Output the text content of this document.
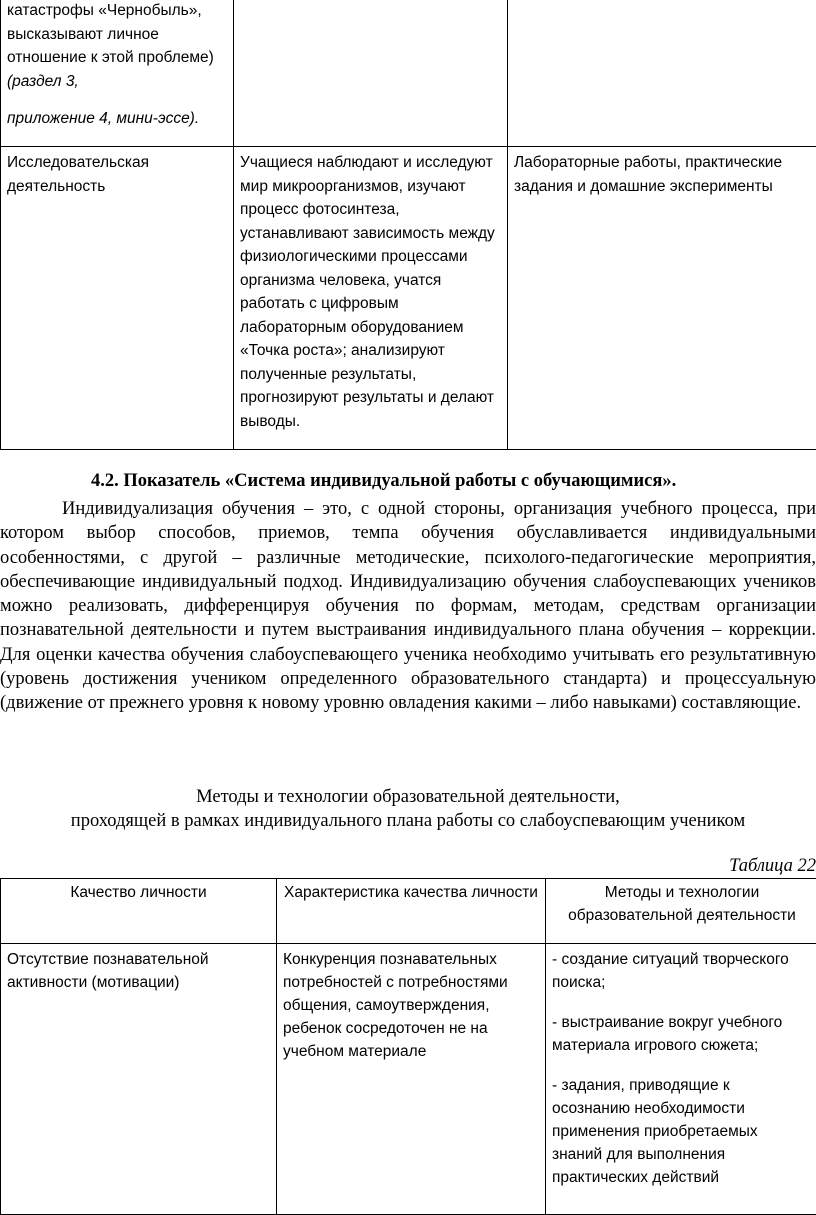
катастрофы «Чернобыль», высказывают личное отношение к этой проблеме) (раздел 3,
приложение 4, мини-эссе).		
Исследовательская деятельность	Учащиеся наблюдают и исследуют мир микроорганизмов, изучают процесс фотосинтеза, устанавливают зависимость между физиологическими процессами организма человека, учатся работать с цифровым лабораторным оборудованием «Точка роста»; анализируют полученные результаты, прогнозируют результаты и делают выводы.	Лабораторные работы, практические задания и домашние эксперименты
4.2. Показатель «Система индивидуальной работы с обучающимися».
Индивидуализация обучения – это, с одной стороны, организация учебного процесса, при котором выбор способов, приемов, темпа обучения обуславливается индивидуальными особенностями, с другой – различные методические, психолого-педагогические мероприятия, обеспечивающие индивидуальный подход. Индивидуализацию обучения слабоуспевающих учеников можно реализовать, дифференцируя обучения по формам, методам, средствам организации познавательной деятельности и путем выстраивания индивидуального плана обучения – коррекции. Для оценки качества обучения слабоуспевающего ученика необходимо учитывать его результативную (уровень достижения учеником определенного образовательного стандарта) и процессуальную (движение от прежнего уровня к новому уровню овладения какими – либо навыками) составляющие.
Методы и технологии образовательной деятельности,
проходящей в рамках индивидуального плана работы со слабоуспевающим учеником
Таблица 22
Качество личности	Характеристика качества личности	Методы и технологии образовательной деятельности
Отсутствие познавательной активности (мотивации)	Конкуренция познавательных потребностей с потребностями общения, самоутверждения, ребенок сосредоточен не на учебном материале	- создание ситуаций творческого поиска;
- выстраивание вокруг учебного материала игрового сюжета;
- задания, приводящие к осознанию необходимости применения приобретаемых знаний для выполнения практических действий
